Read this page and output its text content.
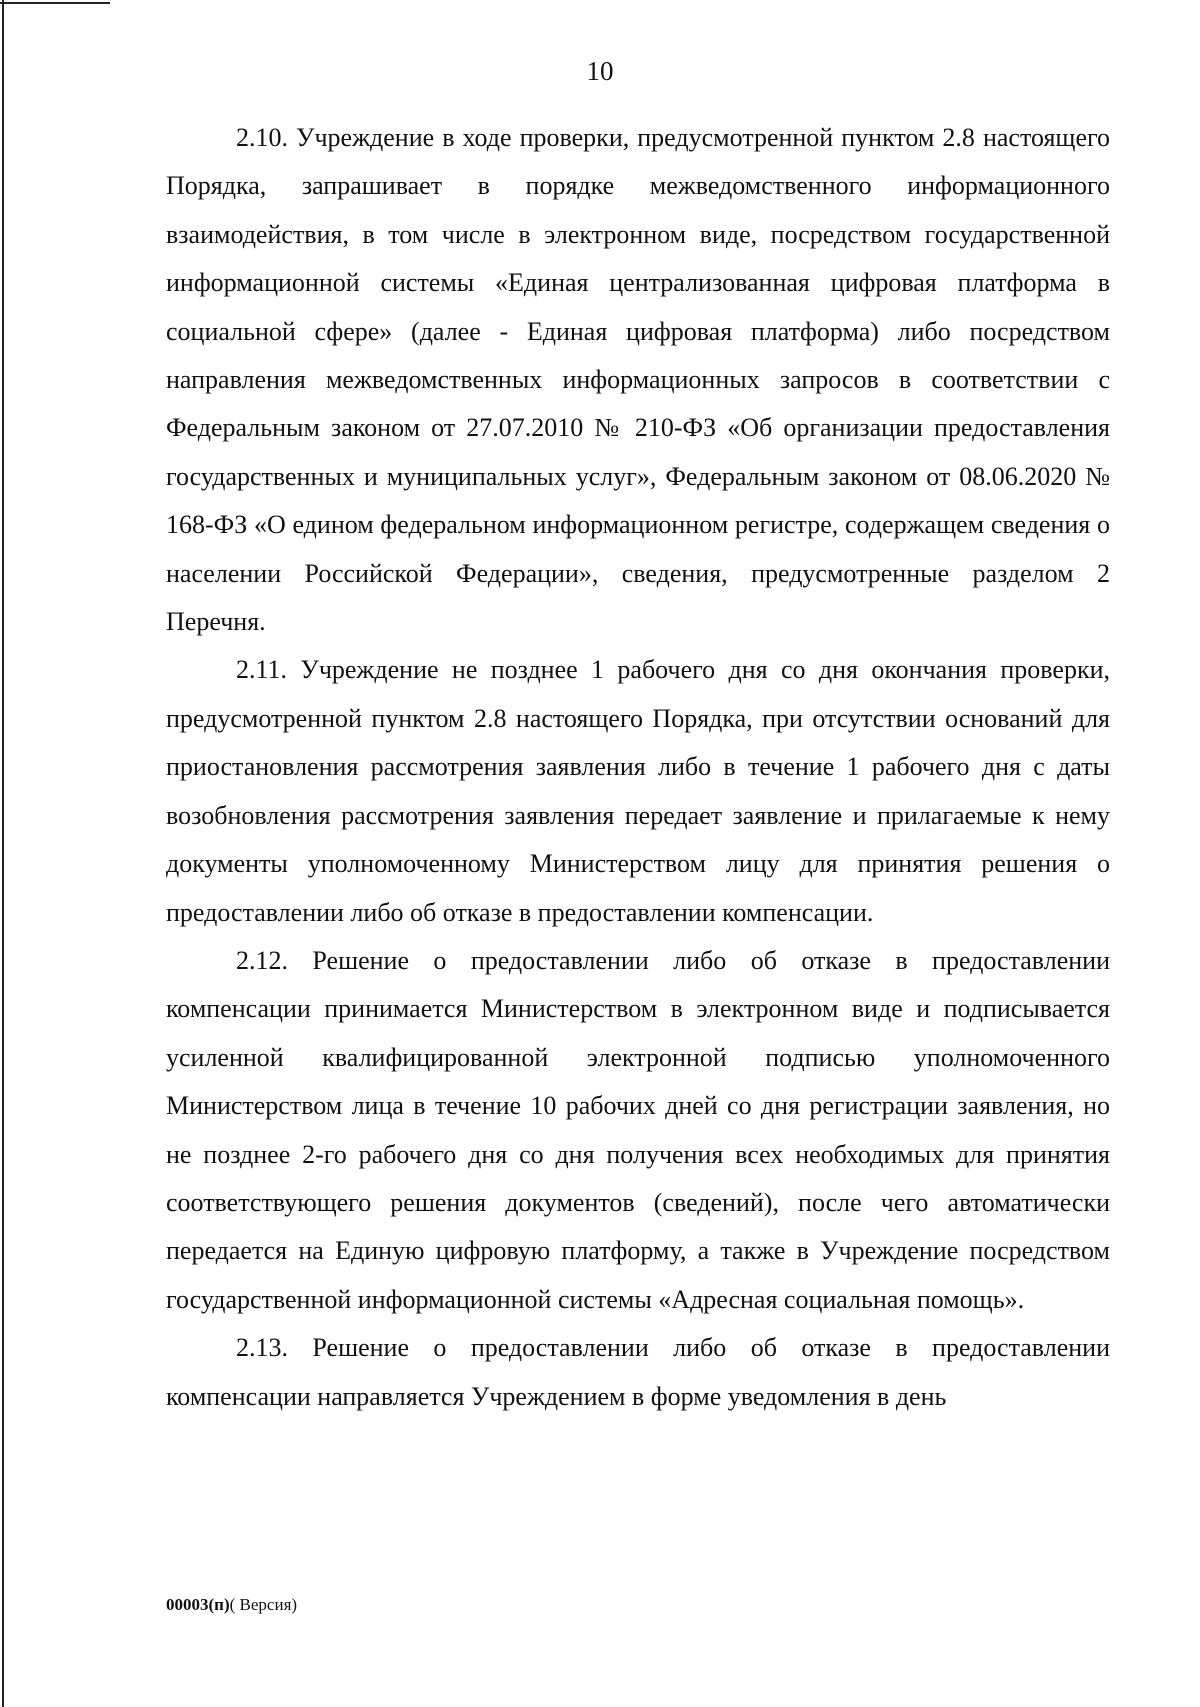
10

2.10. Учреждение в ходе проверки, предусмотренной пунктом 2.8 настоящего Порядка, запрашивает в порядке межведомственного информационного взаимодействия, в том числе в электронном виде, посредством государственной информационной системы «Единая централизованная цифровая платформа в социальной сфере» (далее - Единая цифровая платформа) либо посредством направления межведомственных информационных запросов в соответствии с Федеральным законом от 27.07.2010 № 210-ФЗ «Об организации предоставления государственных и муниципальных услуг», Федеральным законом от 08.06.2020 № 168-ФЗ «О едином федеральном информационном регистре, содержащем сведения о населении Российской Федерации», сведения, предусмотренные разделом 2 Перечня.

2.11. Учреждение не позднее 1 рабочего дня со дня окончания проверки, предусмотренной пунктом 2.8 настоящего Порядка, при отсутствии оснований для приостановления рассмотрения заявления либо в течение 1 рабочего дня с даты возобновления рассмотрения заявления передает заявление и прилагаемые к нему документы уполномоченному Министерством лицу для принятия решения о предоставлении либо об отказе в предоставлении компенсации.

2.12. Решение о предоставлении либо об отказе в предоставлении компенсации принимается Министерством в электронном виде и подписывается усиленной квалифицированной электронной подписью уполномоченного Министерством лица в течение 10 рабочих дней со дня регистрации заявления, но не позднее 2-го рабочего дня со дня получения всех необходимых для принятия соответствующего решения документов (сведений), после чего автоматически передается на Единую цифровую платформу, а также в Учреждение посредством государственной информационной системы «Адресная социальная помощь».

2.13. Решение о предоставлении либо об отказе в предоставлении компенсации направляется Учреждением в форме уведомления в день

00003(п)( Версия)
